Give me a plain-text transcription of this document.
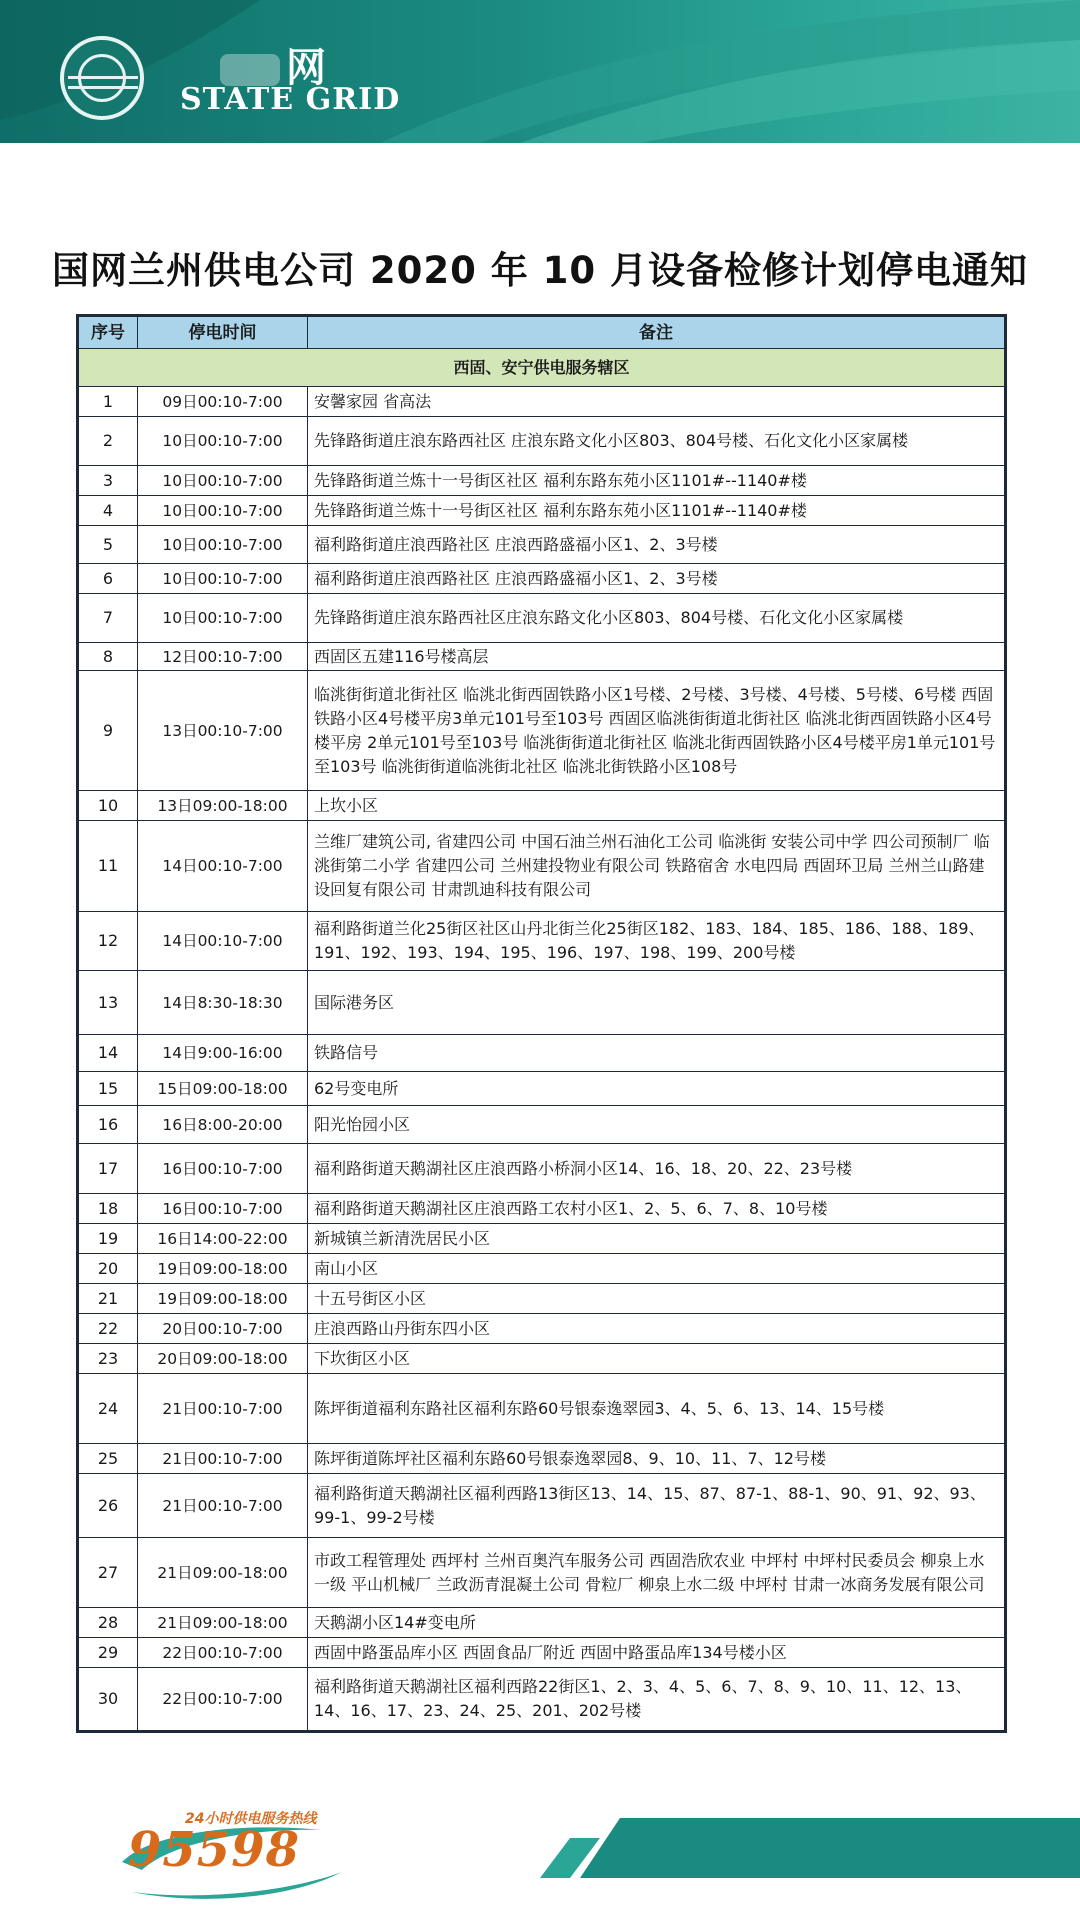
网
STATE GRID
国网兰州供电公司 2020 年 10 月设备检修计划停电通知
序号	停电时间	备注
西固、安宁供电服务辖区		
1	09日00:10-7:00	安馨家园 省高法
2	10日00:10-7:00	先锋路街道庄浪东路西社区 庄浪东路文化小区803、804号楼、石化文化小区家属楼
3	10日00:10-7:00	先锋路街道兰炼十一号街区社区 福利东路东苑小区1101#--1140#楼
4	10日00:10-7:00	先锋路街道兰炼十一号街区社区 福利东路东苑小区1101#--1140#楼
5	10日00:10-7:00	福利路街道庄浪西路社区 庄浪西路盛福小区1、2、3号楼
6	10日00:10-7:00	福利路街道庄浪西路社区 庄浪西路盛福小区1、2、3号楼
7	10日00:10-7:00	先锋路街道庄浪东路西社区庄浪东路文化小区803、804号楼、石化文化小区家属楼
8	12日00:10-7:00	西固区五建116号楼高层
9	13日00:10-7:00	临洮街街道北街社区 临洮北街西固铁路小区1号楼、2号楼、3号楼、4号楼、5号楼、6号楼 西固铁路小区4号楼平房3单元101号至103号 西固区临洮街街道北街社区 临洮北街西固铁路小区4号楼平房 2单元101号至103号 临洮街街道北街社区 临洮北街西固铁路小区4号楼平房1单元101号至103号 临洮街街道临洮街北社区 临洮北街铁路小区108号
10	13日09:00-18:00	上坎小区
11	14日00:10-7:00	兰维厂建筑公司, 省建四公司 中国石油兰州石油化工公司 临洮街 安装公司中学 四公司预制厂 临洮街第二小学 省建四公司 兰州建投物业有限公司 铁路宿舍 水电四局 西固环卫局 兰州兰山路建设回复有限公司 甘肃凯迪科技有限公司
12	14日00:10-7:00	福利路街道兰化25街区社区山丹北街兰化25街区182、183、184、185、186、188、189、191、192、193、194、195、196、197、198、199、200号楼
13	14日8:30-18:30	国际港务区
14	14日9:00-16:00	铁路信号
15	15日09:00-18:00	62号变电所
16	16日8:00-20:00	阳光怡园小区
17	16日00:10-7:00	福利路街道天鹅湖社区庄浪西路小桥洞小区14、16、18、20、22、23号楼
18	16日00:10-7:00	福利路街道天鹅湖社区庄浪西路工农村小区1、2、5、6、7、8、10号楼
19	16日14:00-22:00	新城镇兰新清洗居民小区
20	19日09:00-18:00	南山小区
21	19日09:00-18:00	十五号街区小区
22	20日00:10-7:00	庄浪西路山丹街东四小区
23	20日09:00-18:00	下坎街区小区
24	21日00:10-7:00	陈坪街道福利东路社区福利东路60号银泰逸翠园3、4、5、6、13、14、15号楼
25	21日00:10-7:00	陈坪街道陈坪社区福利东路60号银泰逸翠园8、9、10、11、7、12号楼
26	21日00:10-7:00	福利路街道天鹅湖社区福利西路13街区13、14、15、87、87-1、88-1、90、91、92、93、99-1、99-2号楼
27	21日09:00-18:00	市政工程管理处 西坪村 兰州百奥汽车服务公司 西固浩欣农业 中坪村 中坪村民委员会 柳泉上水一级 平山机械厂 兰政沥青混凝土公司 骨粒厂 柳泉上水二级 中坪村 甘肃一冰商务发展有限公司
28	21日09:00-18:00	天鹅湖小区14#变电所
29	22日00:10-7:00	西固中路蛋品库小区 西固食品厂附近 西固中路蛋品库134号楼小区
30	22日00:10-7:00	福利路街道天鹅湖社区福利西路22街区1、2、3、4、5、6、7、8、9、10、11、12、13、14、16、17、23、24、25、201、202号楼
24小时供电服务热线
95598
